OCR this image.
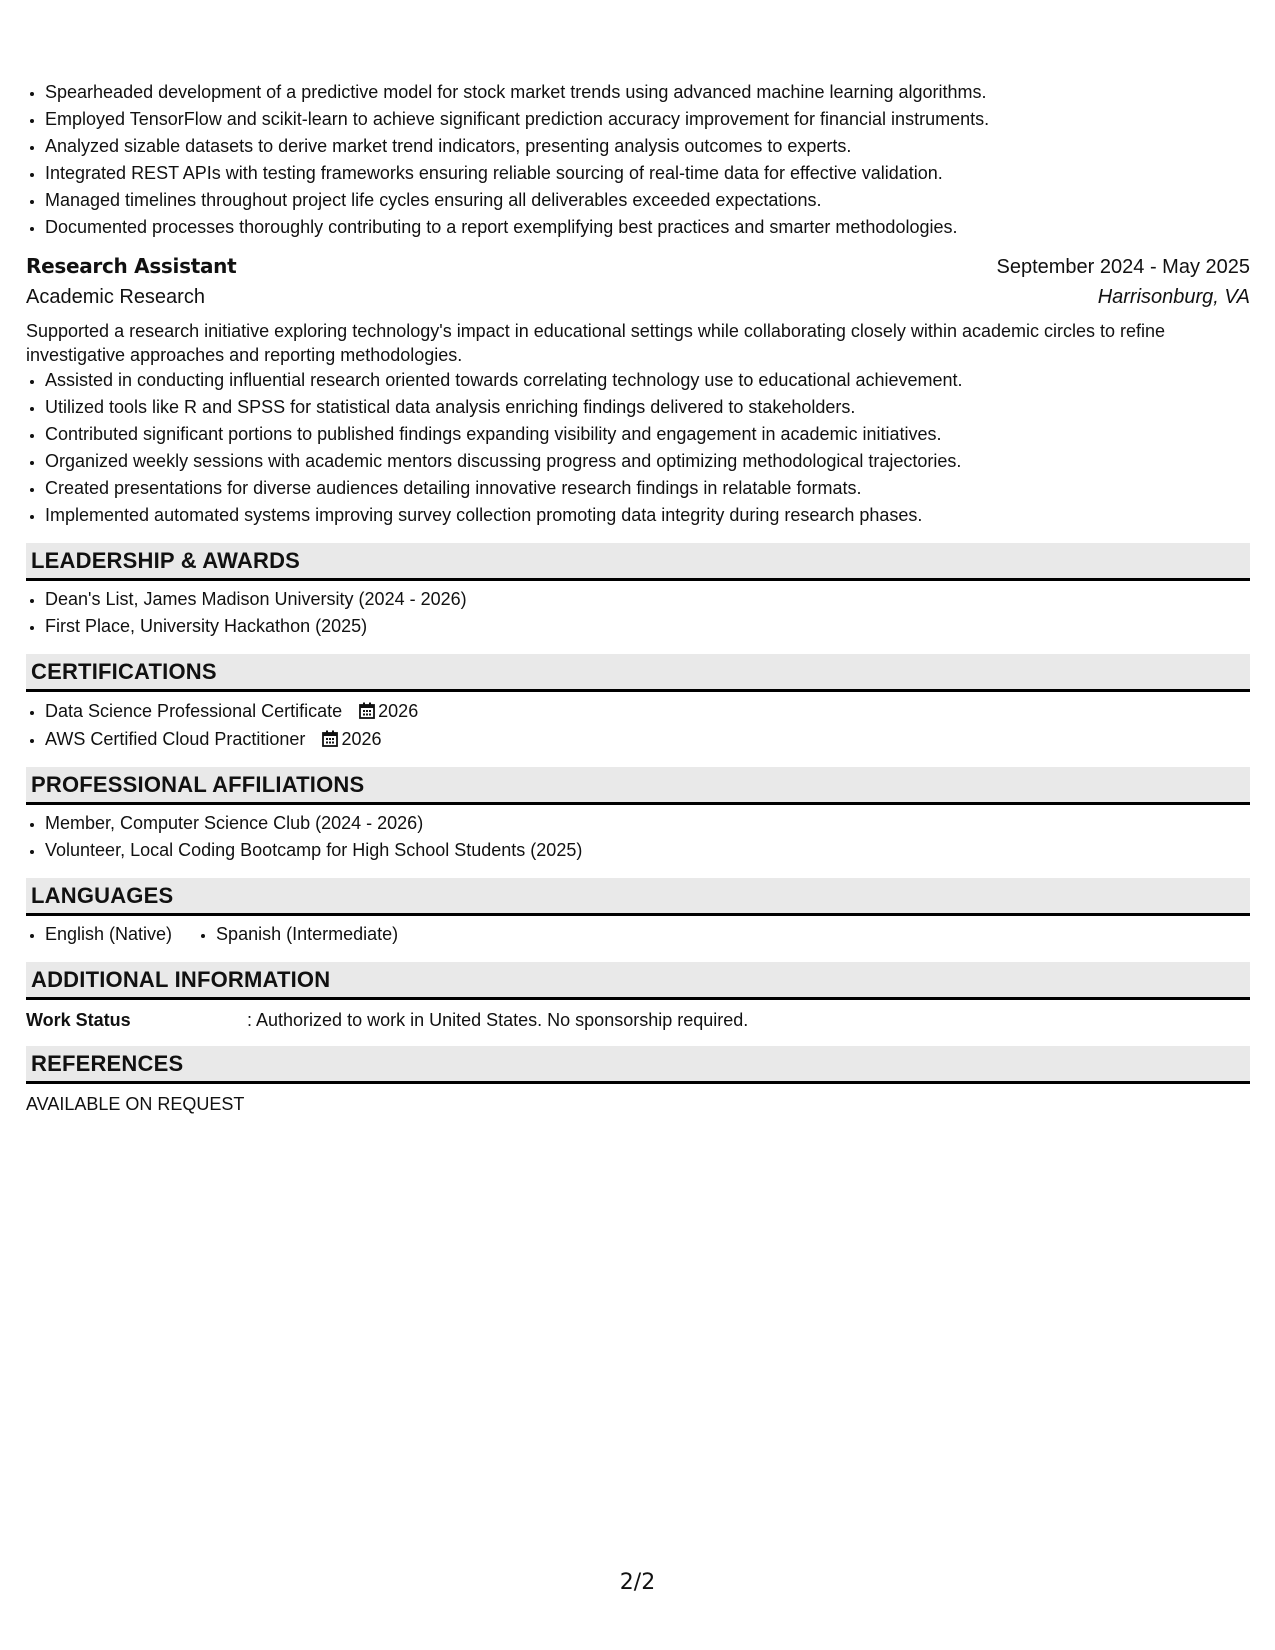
• Spearheaded development of a predictive model for stock market trends using advanced machine learning algorithms.
• Employed TensorFlow and scikit-learn to achieve significant prediction accuracy improvement for financial instruments.
• Analyzed sizable datasets to derive market trend indicators, presenting analysis outcomes to experts.
• Integrated REST APIs with testing frameworks ensuring reliable sourcing of real-time data for effective validation.
• Managed timelines throughout project life cycles ensuring all deliverables exceeded expectations.
• Documented processes thoroughly contributing to a report exemplifying best practices and smarter methodologies.
Research Assistant	September 2024 - May 2025
Academic Research	Harrisonburg, VA
Supported a research initiative exploring technology's impact in educational settings while collaborating closely within academic circles to refine investigative approaches and reporting methodologies.
• Assisted in conducting influential research oriented towards correlating technology use to educational achievement.
• Utilized tools like R and SPSS for statistical data analysis enriching findings delivered to stakeholders.
• Contributed significant portions to published findings expanding visibility and engagement in academic initiatives.
• Organized weekly sessions with academic mentors discussing progress and optimizing methodological trajectories.
• Created presentations for diverse audiences detailing innovative research findings in relatable formats.
• Implemented automated systems improving survey collection promoting data integrity during research phases.
LEADERSHIP & AWARDS
• Dean's List, James Madison University (2024 - 2026)
• First Place, University Hackathon (2025)
CERTIFICATIONS
• Data Science Professional Certificate 2026
• AWS Certified Cloud Practitioner 2026
PROFESSIONAL AFFILIATIONS
• Member, Computer Science Club (2024 - 2026)
• Volunteer, Local Coding Bootcamp for High School Students (2025)
LANGUAGES
• English (Native)
• Spanish (Intermediate)
ADDITIONAL INFORMATION
Work Status	: Authorized to work in United States. No sponsorship required.
REFERENCES
AVAILABLE ON REQUEST
2/2
